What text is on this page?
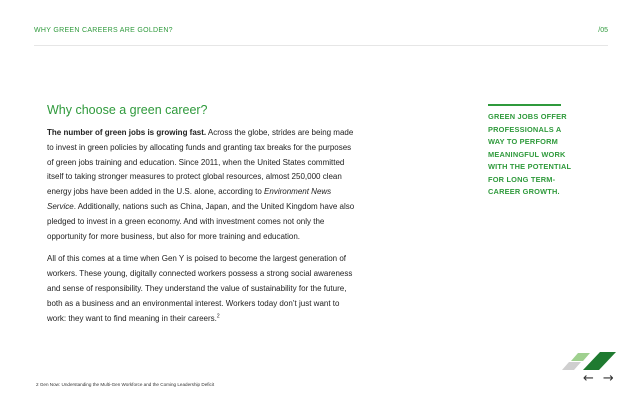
WHY GREEN CAREERS ARE GOLDEN?	/05
Why choose a green career?

The number of green jobs is growing fast. Across the globe, strides are being made to invest in green policies by allocating funds and granting tax breaks for the purposes of green jobs training and education. Since 2011, when the United States committed itself to taking stronger measures to protect global resources, almost 250,000 clean energy jobs have been added in the U.S. alone, according to Environment News Service. Additionally, nations such as China, Japan, and the United Kingdom have also pledged to invest in a green economy. And with investment comes not only the opportunity for more business, but also for more training and education.

All of this comes at a time when Gen Y is poised to become the largest generation of workers. These young, digitally connected workers possess a strong social awareness and sense of responsibility. They understand the value of sustainability for the future, both as a business and an environmental interest. Workers today don’t just want to work: they want to find meaning in their careers.$^2$

GREEN JOBS OFFER
PROFESSIONALS A
WAY TO PERFORM
MEANINGFUL WORK
WITH THE POTENTIAL
FOR LONG TERM-
CAREER GROWTH.
2 Gen Now: Understanding the Multi-Gen Workforce and the Coming Leadership Deficit	← →
